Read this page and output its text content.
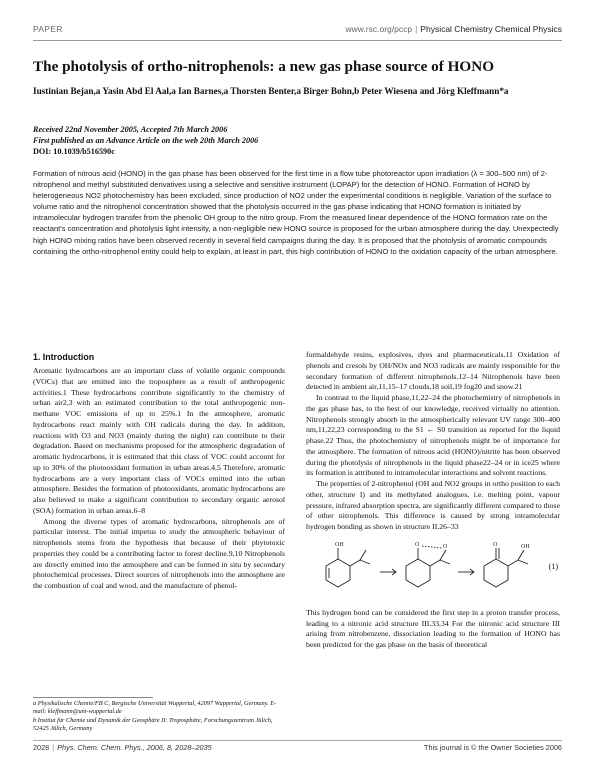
PAPER	www.rsc.org/pccp | Physical Chemistry Chemical Physics
The photolysis of ortho-nitrophenols: a new gas phase source of HONO
Iustinian Bejan,a Yasin Abd El Aal,a Ian Barnes,a Thorsten Benter,a Birger Bohn,b Peter Wiesena and Jörg Kleffmann*a
Received 22nd November 2005, Accepted 7th March 2006
First published as an Advance Article on the web 20th March 2006
DOI: 10.1039/b516590c

Formation of nitrous acid (HONO) in the gas phase has been observed for the first time in a flow tube photoreactor upon irradiation (λ = 300–500 nm) of 2-nitrophenol and methyl substituted derivatives using a selective and sensitive instrument (LOPAP) for the detection of HONO. Formation of HONO by heterogeneous NO2 photochemistry has been excluded, since production of NO2 under the experimental conditions is negligible. Variation of the surface to volume ratio and the nitrophenol concentration showed that the photolysis occurred in the gas phase indicating that HONO formation is initiated by intramolecular hydrogen transfer from the phenolic OH group to the nitro group. From the measured linear dependence of the HONO formation rate on the reactant's concentration and photolysis light intensity, a non-negligible new HONO source is proposed for the urban atmosphere during the day. Unexpectedly high HONO mixing ratios have been observed recently in several field campaigns during the day. It is proposed that the photolysis of aromatic compounds containing the ortho-nitrophenol entity could help to explain, at least in part, this high contribution of HONO to the oxidation capacity of the urban atmosphere.

1. Introduction

Aromatic hydrocarbons are an important class of volatile organic compounds (VOCs) that are emitted into the troposphere as a result of anthropogenic activities.1 These hydrocarbons contribute significantly to the chemistry of urban air2,3 with an estimated contribution to the total anthropogenic non-methane VOC emissions of up to 25%.1 In the atmosphere, aromatic hydrocarbons react mainly with OH radicals during the day. In addition, reactions with O3 and NO3 (mainly during the night) can contribute to their degradation. Based on mechanisms proposed for the atmospheric degradation of aromatic hydrocarbons, it is estimated that this class of VOC could account for up to 30% of the photooxidant formation in urban areas.4,5 Therefore, aromatic hydrocarbons are a very important class of VOCs emitted into the urban atmosphere. Besides the formation of photooxidants, aromatic hydrocarbons are also believed to make a significant contribution to secondary organic aerosol (SOA) formation in urban areas.6–8

Among the diverse types of aromatic hydrocarbons, nitrophenols are of particular interest. The initial impetus to study the atmospheric behaviour of nitrophenols stems from the hypothesis that because of their phytotoxic properties they could be a contributing factor to forest decline.9,10 Nitrophenols are directly emitted into the atmosphere and can be formed in situ by secondary photochemical processes. Direct sources of nitrophenols into the atmosphere are the combustion of coal and wood, and the manufacture of phenol-

formaldehyde resins, explosives, dyes and pharmaceuticals.11 Oxidation of phenols and cresols by OH/NOx and NO3 radicals are mainly responsible for the secondary formation of different nitrophenols.12–14 Nitrophenols have been detected in ambient air,11,15–17 clouds,18 soil,19 fog20 and snow.21

In contrast to the liquid phase,11,22–24 the photochemistry of nitrophenols in the gas phase has, to the best of our knowledge, received virtually no attention. Nitrophenols strongly absorb in the atmospherically relevant UV range 300–400 nm,11,22,23 corresponding to the S1 ← S0 transition as reported for the liquid phase.22 Thus, the photochemistry of nitrophenols might be of importance for the atmosphere. The formation of nitrous acid (HONO)/nitrite has been observed during the photolysis of nitrophenols in the liquid phase22–24 or in ice25 where its formation is attributed to intramolecular interactions and solvent reactions.

The properties of 2-nitrophenol (OH and NO2 groups in ortho position to each other, structure I) and its methylated analogues, i.e. melting point, vapour pressure, infrared absorption spectra, are significantly different compared to those of other nitrophenols. This difference is caused by strong intramolecular hydrogen bonding as shown in structure II.26–33

OH	O	O	O	OH
(1)

This hydrogen bond can be considered the first step in a proton transfer process, leading to a nitronic acid structure III.33,34 For the nitronic acid structure III arising from nitrobenzene, dissociation leading to the formation of HONO has been predicted for the gas phase on the basis of theoretical

a Physikalische Chemie/FB C, Bergische Universität Wuppertal, 42097 Wuppertal, Germany. E-mail: kleffmann@uni-wuppertal.de
b Institut für Chemie und Dynamik der Geosphäre II: Troposphäre, Forschungszentrum Jülich, 52425 Jülich, Germany
2028 | Phys. Chem. Chem. Phys., 2006, 8, 2028–2035	This journal is © the Owner Societies 2006
